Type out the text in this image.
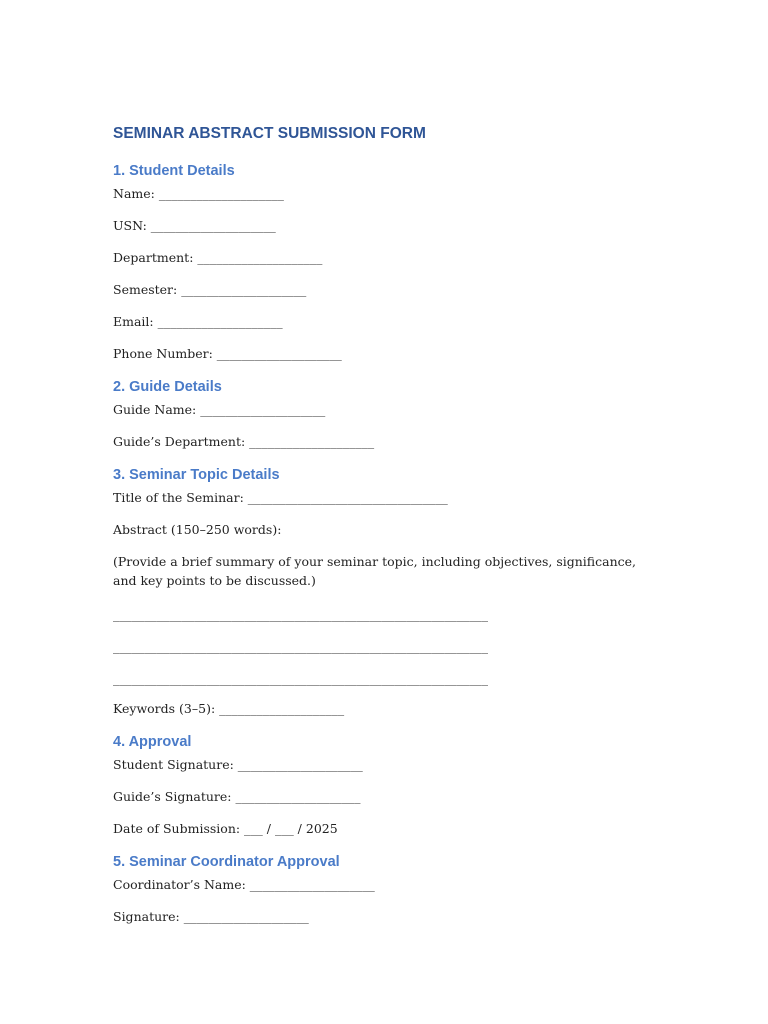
SEMINAR ABSTRACT SUBMISSION FORM
1. Student Details

Name: ____________________

USN: ____________________

Department: ____________________

Semester: ____________________

Email: ____________________

Phone Number: ____________________

2. Guide Details

Guide Name: ____________________

Guide’s Department: ____________________

3. Seminar Topic Details

Title of the Seminar: ________________________________

Abstract (150–250 words):

(Provide a brief summary of your seminar topic, including objectives, significance, and key points to be discussed.)

____________________________________________________________

____________________________________________________________

____________________________________________________________

Keywords (3–5): ____________________

4. Approval

Student Signature: ____________________

Guide’s Signature: ____________________

Date of Submission: ___ / ___ / 2025

5. Seminar Coordinator Approval

Coordinator’s Name: ____________________

Signature: ____________________
